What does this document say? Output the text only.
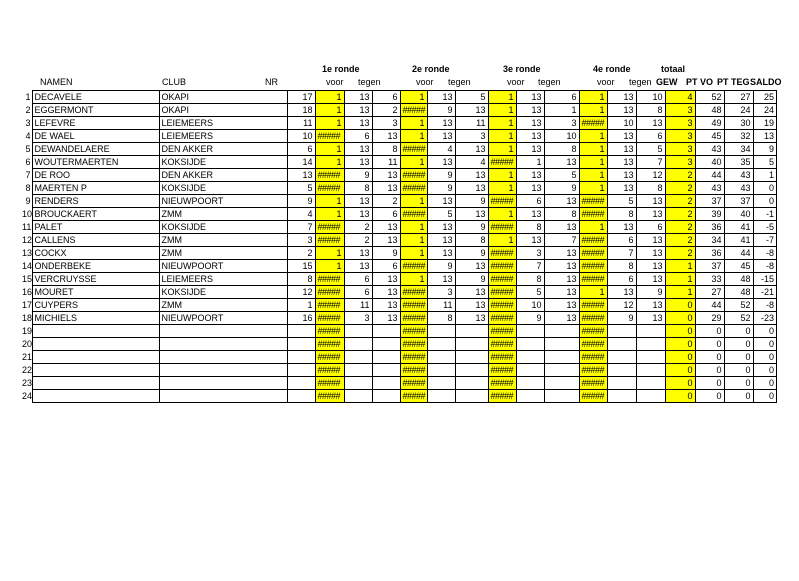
1e ronde	2e ronde	3e ronde	4e ronde	totaal
NAMEN	CLUB	NR	voor tegen	voor tegen	voor tegen	voor tegen GEW PT VO PT TEG SALDO
1	DECAVELE	OKAPI	17	1	13	6	1	13	5	1	13	6	1	13	10	4	52	27	25
2	EGGERMONT	OKAPI	18	1	13	2	#####	9	13	1	13	1	1	13	8	3	48	24	24
3	LEFEVRE	LEIEMEERS	11	1	13	3	1	13	11	1	13	3	#####	10	13	3	49	30	19
4	DE WAEL	LEIEMEERS	10	#####	6	13	1	13	3	1	13	10	1	13	6	3	45	32	13
5	DEWANDELAERE	DEN AKKER	6	1	13	8	#####	4	13	1	13	8	1	13	5	3	43	34	9
6	WOUTERMAERTEN	KOKSIJDE	14	1	13	11	1	13	4	#####	1	13	1	13	7	3	40	35	5
7	DE ROO	DEN AKKER	13	#####	9	13	#####	9	13	1	13	5	1	13	12	2	44	43	1
8	MAERTEN P	KOKSIJDE	5	#####	8	13	#####	9	13	1	13	9	1	13	8	2	43	43	0
9	RENDERS	NIEUWPOORT	9	1	13	2	1	13	9	#####	6	13	#####	5	13	2	37	37	0
10	BROUCKAERT	ZMM	4	1	13	6	#####	5	13	1	13	8	#####	8	13	2	39	40	-1
11	PALET	KOKSIJDE	7	#####	2	13	1	13	9	#####	8	13	1	13	6	2	36	41	-5
12	CALLENS	ZMM	3	#####	2	13	1	13	8	1	13	7	#####	6	13	2	34	41	-7
13	COCKX	ZMM	2	1	13	9	1	13	9	#####	3	13	#####	7	13	2	36	44	-8
14	ONDERBEKE	NIEUWPOORT	15	1	13	6	#####	9	13	#####	7	13	#####	8	13	1	37	45	-8
15	VERCRUYSSE	LEIEMEERS	8	#####	6	13	1	13	9	#####	8	13	#####	6	13	1	33	48	-15
16	MOURET	KOKSIJDE	12	#####	6	13	#####	3	13	#####	5	13	1	13	9	1	27	48	-21
17	CUYPERS	ZMM	1	#####	11	13	#####	11	13	#####	10	13	#####	12	13	0	44	52	-8
18	MICHIELS	NIEUWPOORT	16	#####	3	13	#####	8	13	#####	9	13	#####	9	13	0	29	52	-23
19				#####			#####			#####			#####			0	0	0	0
20				#####			#####			#####			#####			0	0	0	0
21				#####			#####			#####			#####			0	0	0	0
22				#####			#####			#####			#####			0	0	0	0
23				#####			#####			#####			#####			0	0	0	0
24				#####			#####			#####			#####			0	0	0	0
